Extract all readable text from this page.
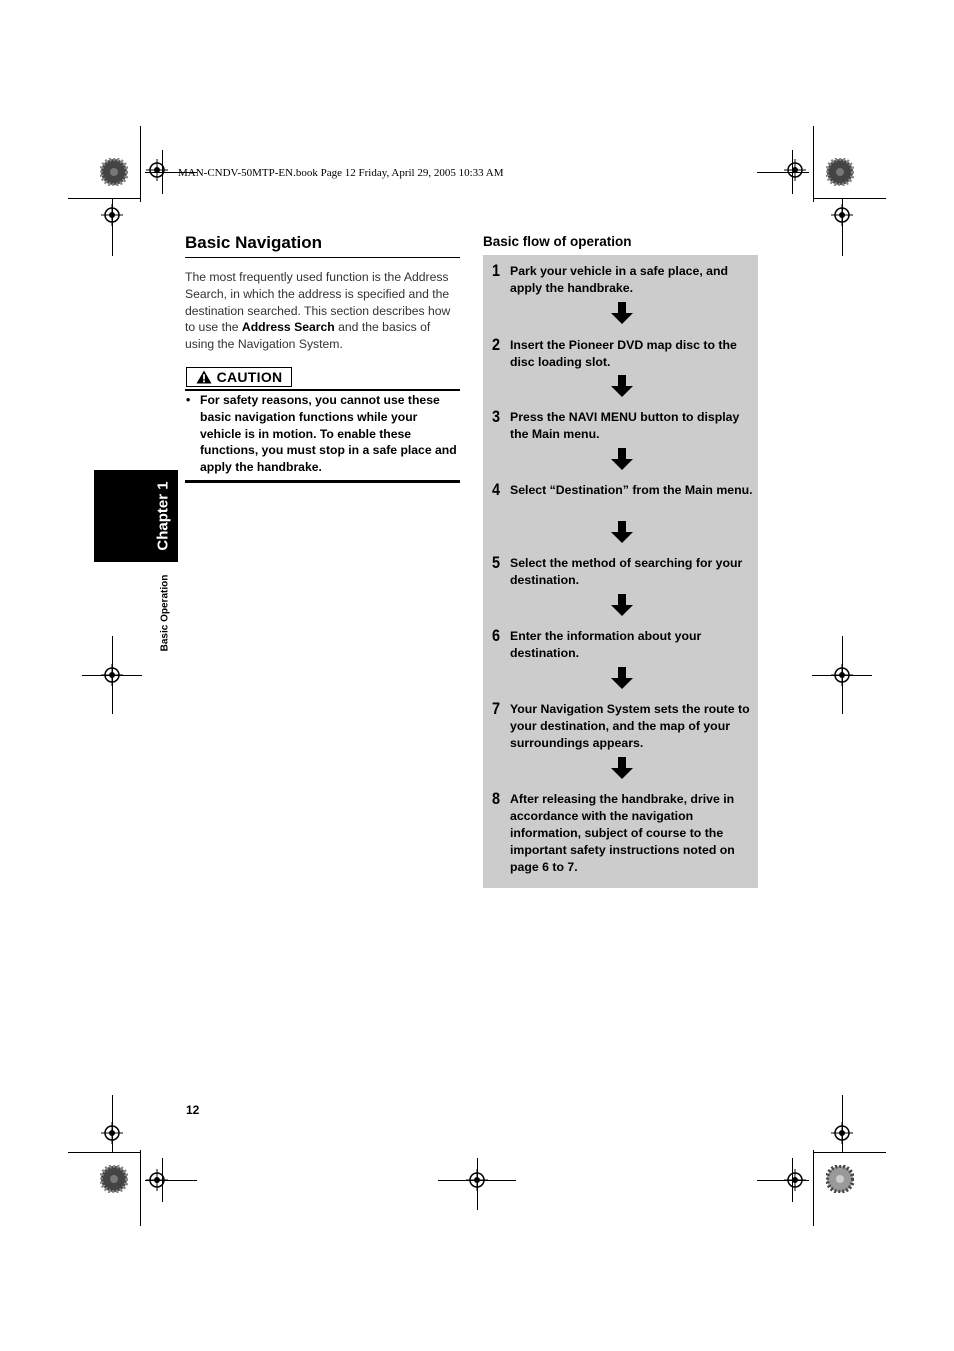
MAN-CNDV-50MTP-EN.book Page 12 Friday, April 29, 2005 10:33 AM
Basic Navigation
The most frequently used function is the Address Search, in which the address is specified and the destination searched. This section describes how to use the Address Search and the basics of using the Navigation System.
CAUTION
• For safety reasons, you cannot use these basic navigation functions while your vehicle is in motion. To enable these functions, you must stop in a safe place and apply the handbrake.
Chapter 1
Basic Operation
12
Basic flow of operation
1 Park your vehicle in a safe place, and apply the handbrake.
2 Insert the Pioneer DVD map disc to the disc loading slot.
3 Press the NAVI MENU button to display the Main menu.
4 Select “Destination” from the Main menu.
5 Select the method of searching for your destination.
6 Enter the information about your destination.
7 Your Navigation System sets the route to your destination, and the map of your surroundings appears.
8 After releasing the handbrake, drive in accordance with the navigation information, subject of course to the important safety instructions noted on page 6 to 7.
